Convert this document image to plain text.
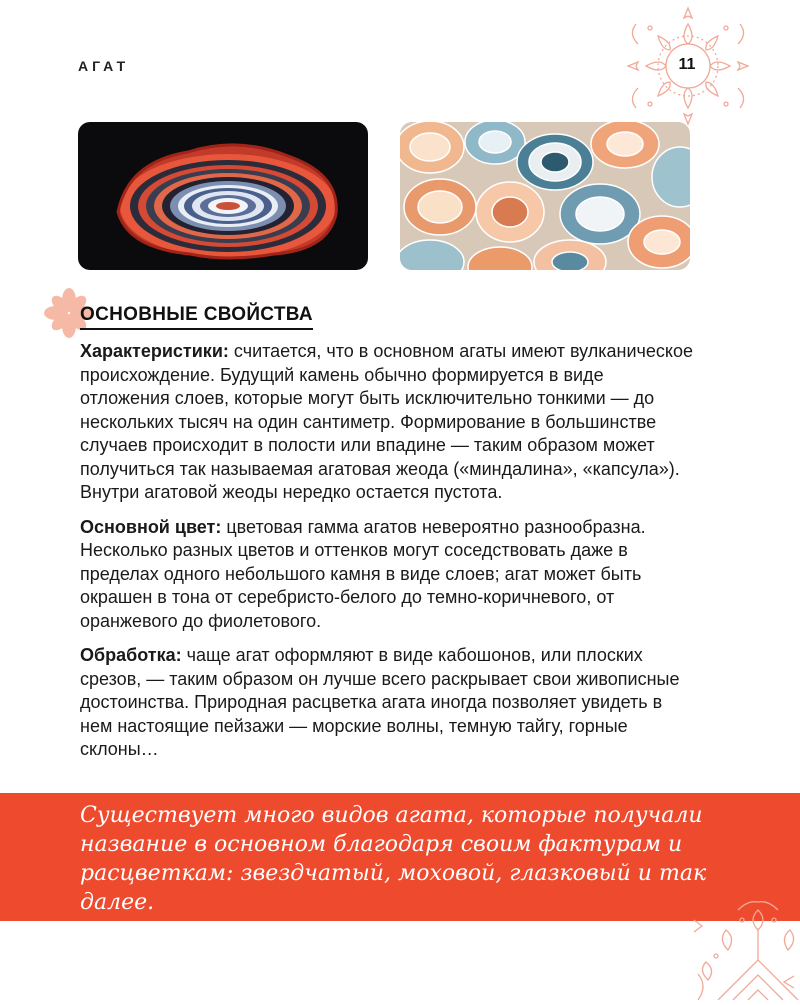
АГАТ	11
ОСНОВНЫЕ СВОЙСТВА

Характеристики: считается, что в основном агаты имеют вулканическое происхождение. Будущий камень обычно формируется в виде отложения слоев, которые могут быть исключительно тонкими — до нескольких тысяч на один сантиметр. Формирование в большинстве случаев происходит в полости или впадине — таким образом может получиться так называемая агатовая жеода («миндалина», «капсула»). Внутри агатовой жеоды нередко остается пустота.

Основной цвет: цветовая гамма агатов невероятно разнообразна. Несколько разных цветов и оттенков могут соседствовать даже в пределах одного небольшого камня в виде слоев; агат может быть окрашен в тона от серебристо-белого до темно-коричневого, от оранжевого до фиолетового.

Обработка: чаще агат оформляют в виде кабошонов, или плоских срезов, — таким образом он лучше всего раскрывает свои живописные достоинства. Природная расцветка агата иногда позволяет увидеть в нем настоящие пейзажи — морские волны, темную тайгу, горные склоны…

Существует много видов агата, которые получали название в основном благодаря своим фактурам и расцветкам: звездчатый, моховой, глазковый и так далее.
